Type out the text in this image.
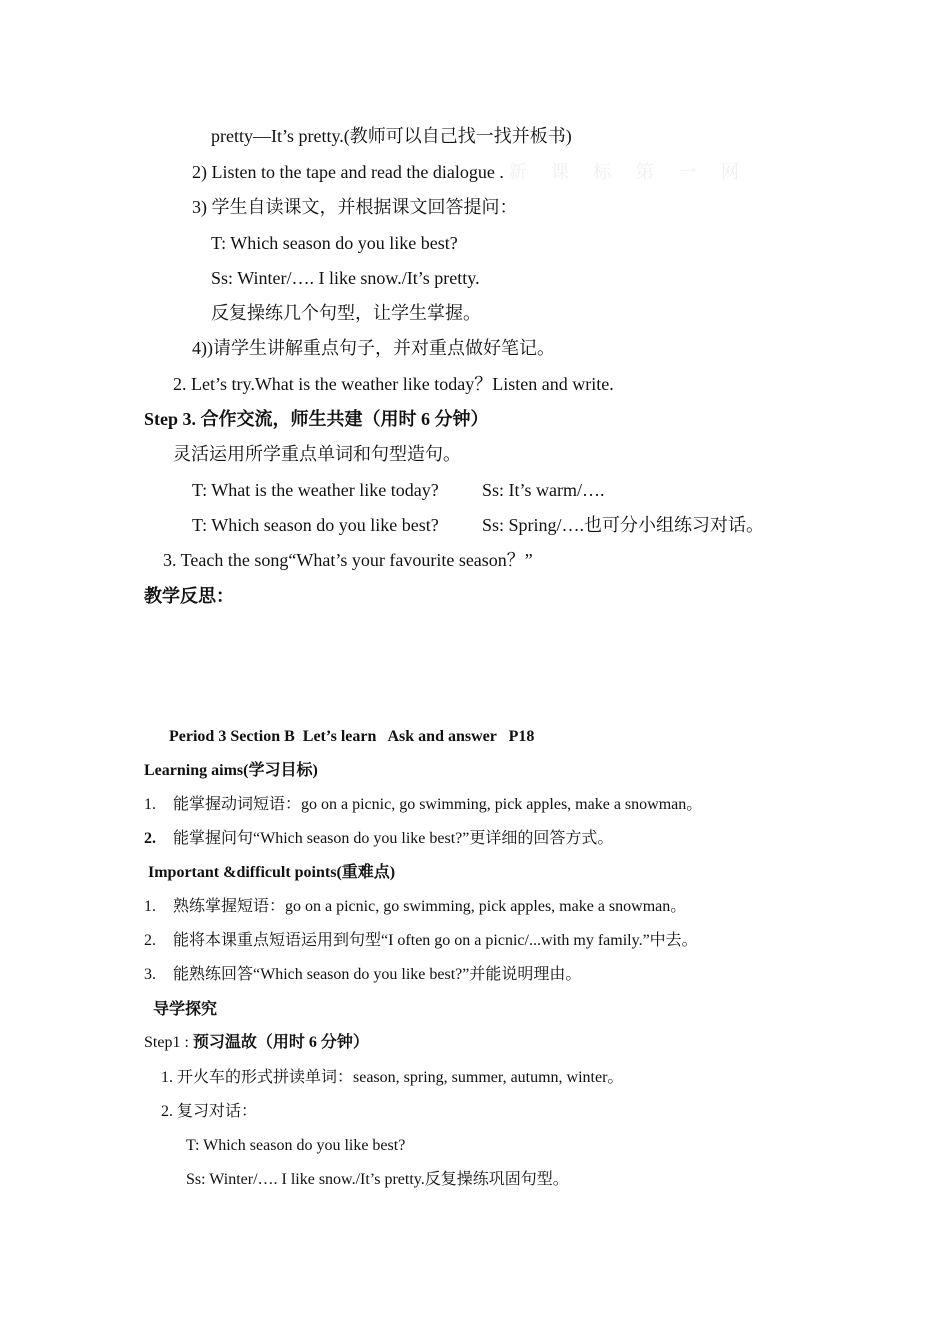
pretty—It’s pretty.(教师可以自己找一找并板书)
2) Listen to the tape and read the dialogue . 新 课 标 第 一 网
3) 学生自读课文，并根据课文回答提问：
T: Which season do you like best?
Ss: Winter/…. I like snow./It’s pretty.
反复操练几个句型，让学生掌握。
4))请学生讲解重点句子，并对重点做好笔记。
2. Let’s try.What is the weather like today？Listen and write.
Step 3. 合作交流，师生共建（用时 6 分钟）
灵活运用所学重点单词和句型造句。
T: What is the weather like today? Ss: It’s warm/….
T: Which season do you like best? Ss: Spring/….也可分小组练习对话。
3. Teach the song“What’s your favourite season？”
教学反思：
Period 3 Section B  Let’s learn   Ask and answer   P18
Learning aims(学习目标)
1. 能掌握动词短语：go on a picnic, go swimming, pick apples, make a snowman。
2. 能掌握问句“Which season do you like best?”更详细的回答方式。
Important &difficult points(重难点)
1. 熟练掌握短语：go on a picnic, go swimming, pick apples, make a snowman。
2. 能将本课重点短语运用到句型“I often go on a picnic/...with my family.”中去。
3. 能熟练回答“Which season do you like best?”并能说明理由。
导学探究
Step1 : 预习温故（用时 6 分钟）
1. 开火车的形式拼读单词：season, spring, summer, autumn, winter。
2. 复习对话：
T: Which season do you like best?
Ss: Winter/…. I like snow./It’s pretty.反复操练巩固句型。
